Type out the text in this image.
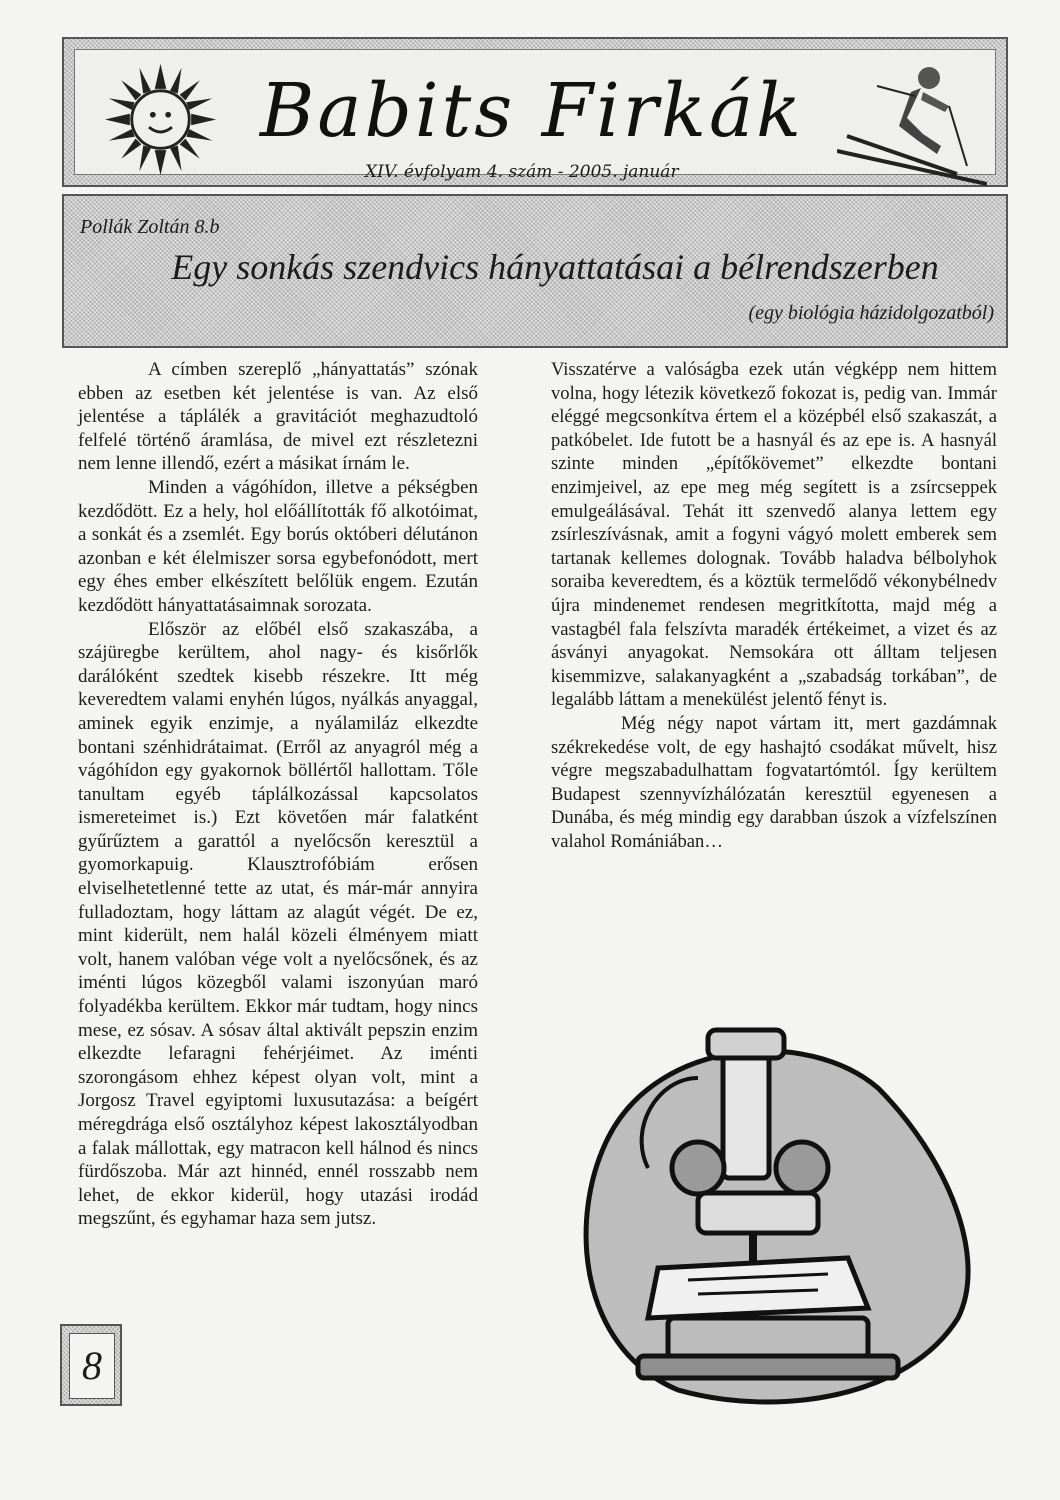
Babits Firkák
XIV. évfolyam 4. szám - 2005. január
Pollák Zoltán 8.b
Egy sonkás szendvics hányattatásai a bélrendszerben
(egy biológia házidolgozatból)

A címben szereplő „hányattatás” szónak ebben az esetben két jelentése is van. Az első jelentése a táplálék a gravitációt meghazudtoló felfelé történő áramlása, de mivel ezt részletezni nem lenne illendő, ezért a másikat írnám le.

Minden a vágóhídon, illetve a pékségben kezdődött. Ez a hely, hol előállították fő alkotóimat, a sonkát és a zsemlét. Egy borús októberi délutánon azonban e két élelmiszer sorsa egybefonódott, mert egy éhes ember elkészített belőlük engem. Ezután kezdődött hányattatásaimnak sorozata.

Először az előbél első szakaszába, a szájüregbe kerültem, ahol nagy- és kisőrlők darálóként szedtek kisebb részekre. Itt még keveredtem valami enyhén lúgos, nyálkás anyaggal, aminek egyik enzimje, a nyálamiláz elkezdte bontani szénhidrátaimat. (Erről az anyagról még a vágóhídon egy gyakornok böllértől hallottam. Tőle tanultam egyéb táplálkozással kapcsolatos ismereteimet is.) Ezt követően már falatként gyűrűztem a garattól a nyelőcsőn keresztül a gyomorkapuig. Klausztrofóbiám erősen elviselhetetlenné tette az utat, és már-már annyira fulladoztam, hogy láttam az alagút végét. De ez, mint kiderült, nem halál közeli élményem miatt volt, hanem valóban vége volt a nyelőcsőnek, és az iménti lúgos közegből valami iszonyúan maró folyadékba kerültem. Ekkor már tudtam, hogy nincs mese, ez sósav. A sósav által aktivált pepszin enzim elkezdte lefaragni fehérjéimet. Az iménti szorongásom ehhez képest olyan volt, mint a Jorgosz Travel egyiptomi luxusutazása: a beígért méregdrága első osztályhoz képest lakosztályodban a falak mállottak, egy matracon kell hálnod és nincs fürdőszoba. Már azt hinnéd, ennél rosszabb nem lehet, de ekkor kiderül, hogy utazási irodád megszűnt, és egyhamar haza sem jutsz.

Visszatérve a valóságba ezek után végképp nem hittem volna, hogy létezik következő fokozat is, pedig van. Immár eléggé megcsonkítva értem el a középbél első szakaszát, a patkóbelet. Ide futott be a hasnyál és az epe is. A hasnyál szinte minden „építőkövemet” elkezdte bontani enzimjeivel, az epe meg még segített is a zsírcseppek emulgeálásával. Tehát itt szenvedő alanya lettem egy zsírleszívásnak, amit a fogyni vágyó molett emberek sem tartanak kellemes dolognak. Tovább haladva bélbolyhok soraiba keveredtem, és a köztük termelődő vékonybélnedv újra mindenemet rendesen megritkította, majd még a vastagbél fala felszívta maradék értékeimet, a vizet és az ásványi anyagokat. Nemsokára ott álltam teljesen kisemmizve, salakanyagként a „szabadság torkában”, de legalább láttam a menekülést jelentő fényt is.

Még négy napot vártam itt, mert gazdámnak székrekedése volt, de egy hashajtó csodákat művelt, hisz végre megszabadulhattam fogvatartómtól. Így kerültem Budapest szennyvízhálózatán keresztül egyenesen a Dunába, és még mindig egy darabban úszok a vízfelszínen valahol Romániában…

8
